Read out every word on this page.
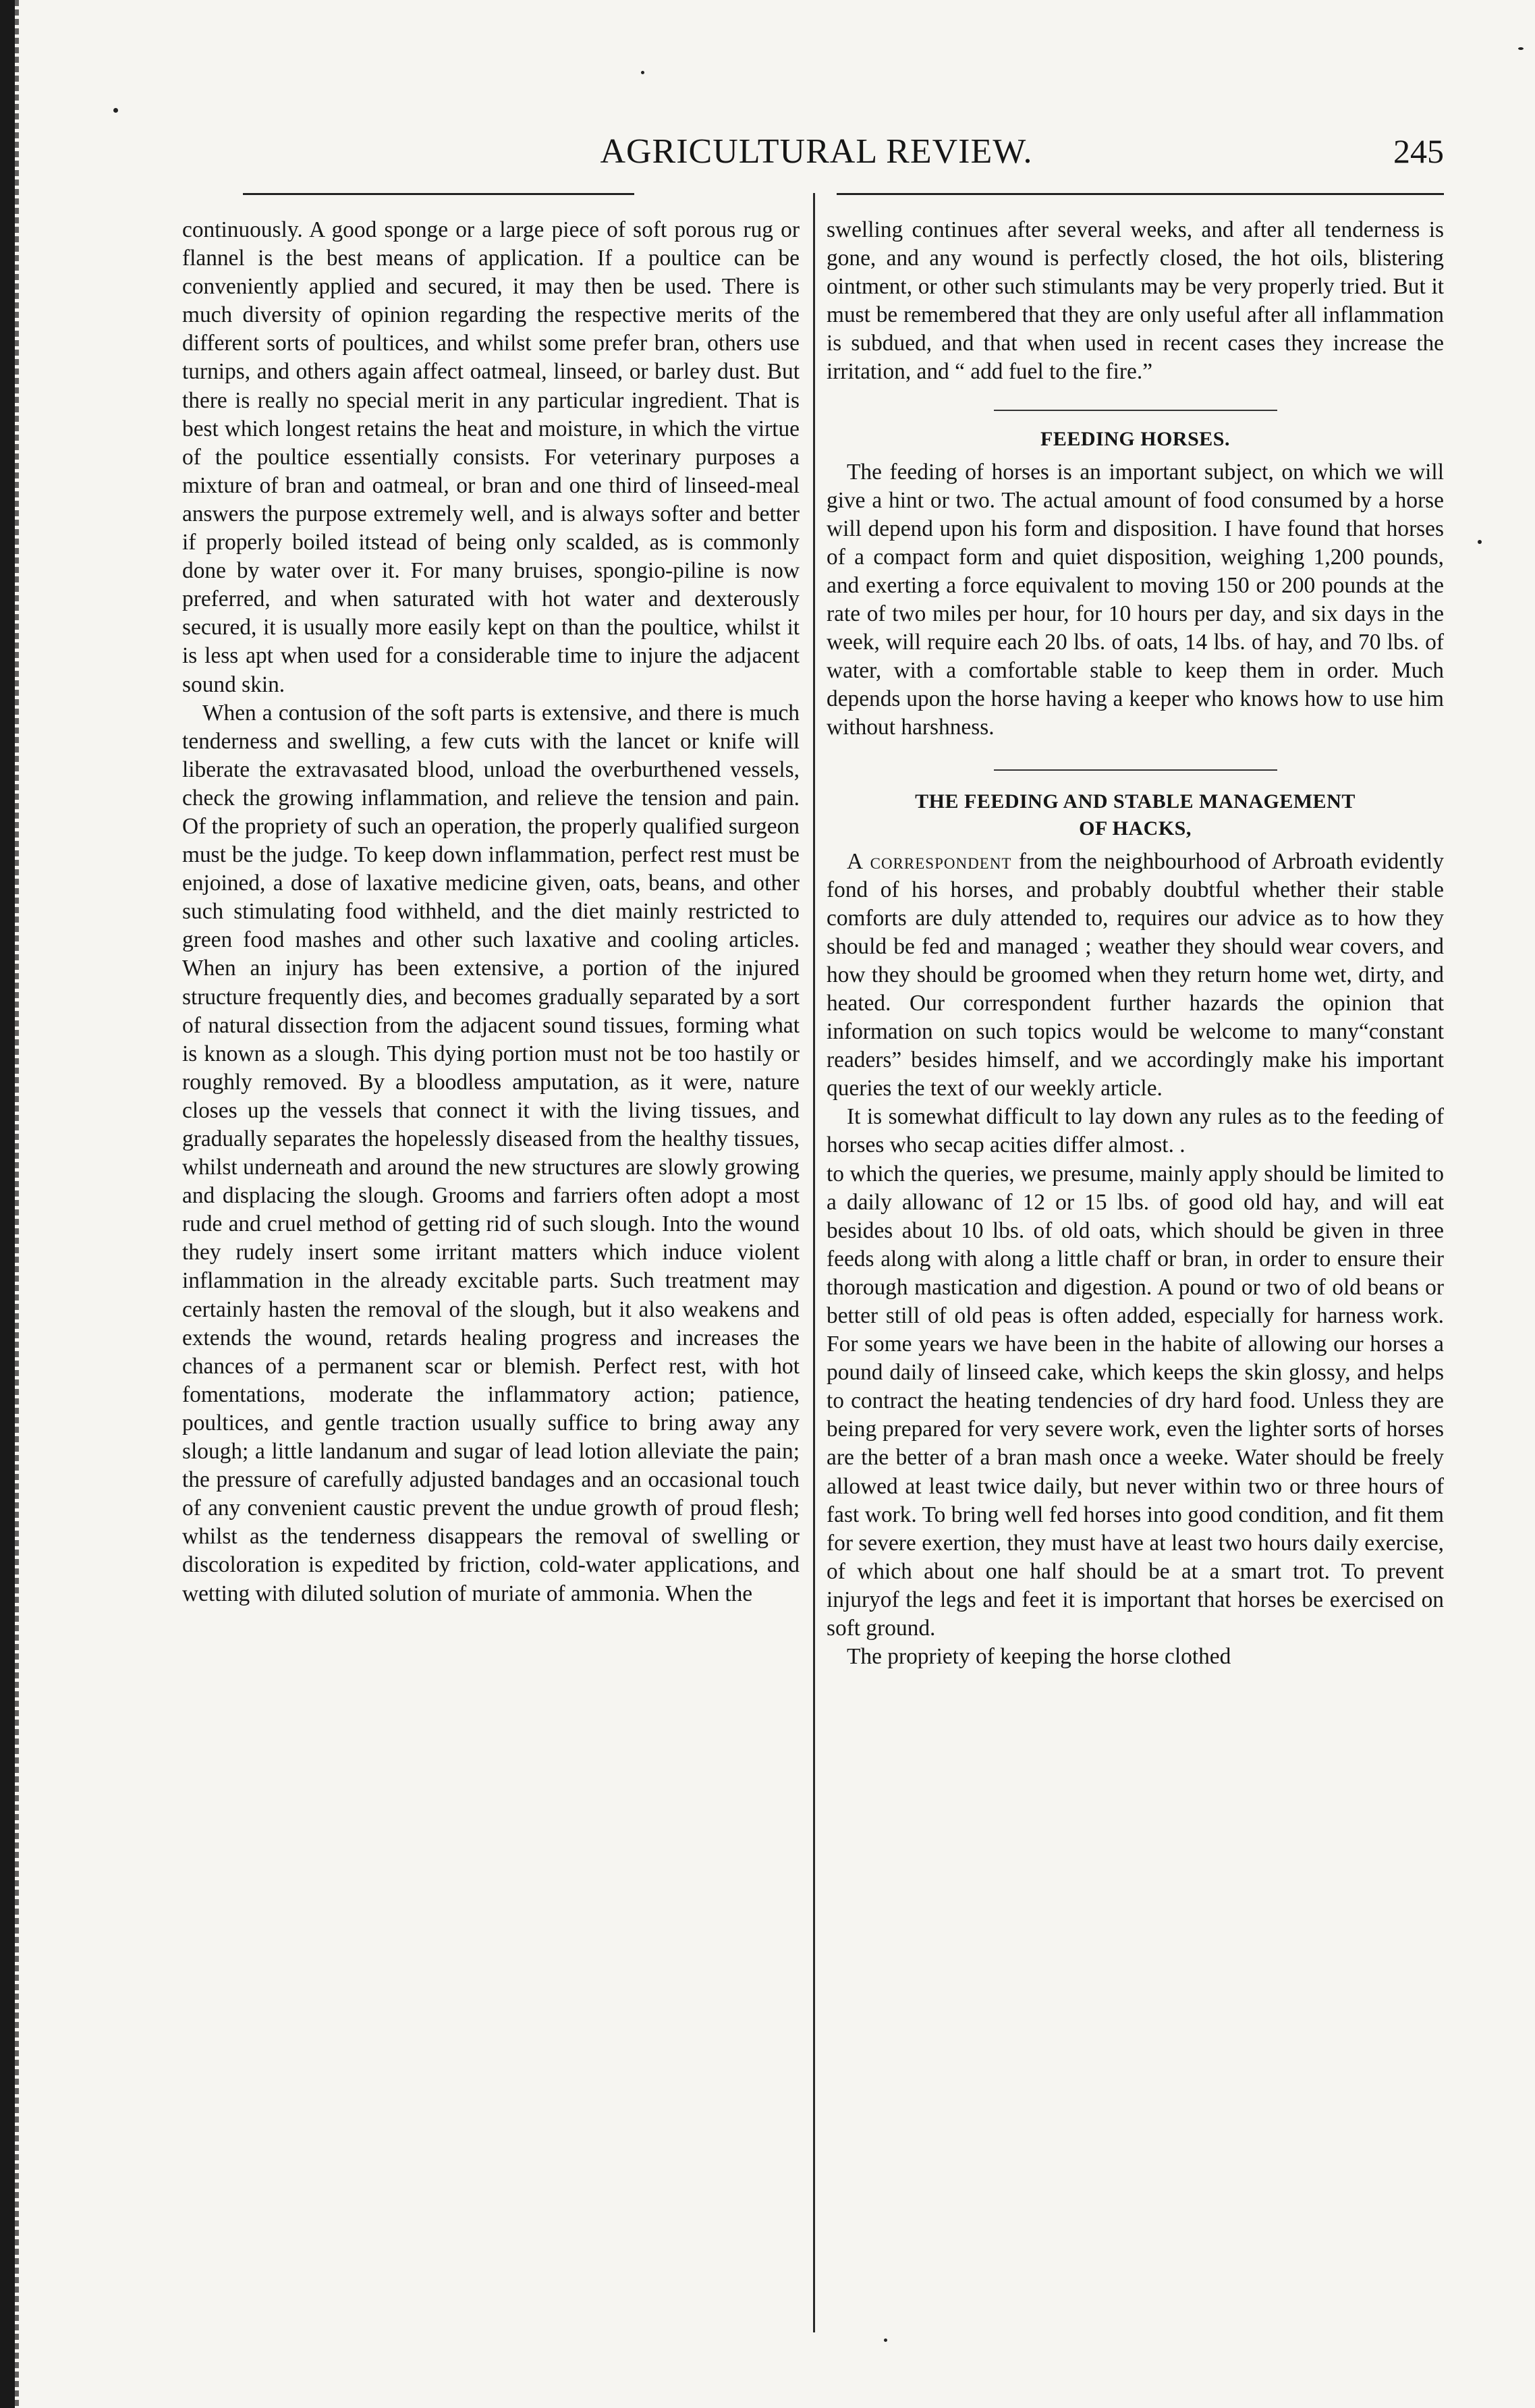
AGRICULTURAL REVIEW.	245

continuously. A good sponge or a large piece of soft porous rug or flannel is the best means of application. If a poultice can be conveniently applied and secured, it may then be used. There is much diversity of opinion regarding the respective merits of the different sorts of poultices, and whilst some prefer bran, others use turnips, and others again affect oatmeal, linseed, or barley dust. But there is really no special merit in any particular ingredient. That is best which longest retains the heat and moisture, in which the virtue of the poultice essentially consists. For veterinary purposes a mixture of bran and oatmeal, or bran and one third of linseed-meal answers the purpose extremely well, and is always softer and better if properly boiled itstead of being only scalded, as is commonly done by water over it. For many bruises, spongio-piline is now preferred, and when saturated with hot water and dexterously secured, it is usually more easily kept on than the poultice, whilst it is less apt when used for a considerable time to injure the adjacent sound skin.

When a contusion of the soft parts is extensive, and there is much tenderness and swelling, a few cuts with the lancet or knife will liberate the extravasated blood, unload the overburthened vessels, check the growing inflammation, and relieve the tension and pain. Of the propriety of such an operation, the properly qualified surgeon must be the judge. To keep down inflammation, perfect rest must be enjoined, a dose of laxative medicine given, oats, beans, and other such stimulating food withheld, and the diet mainly restricted to green food mashes and other such laxative and cooling articles. When an injury has been extensive, a portion of the injured structure frequently dies, and becomes gradually separated by a sort of natural dissection from the adjacent sound tissues, forming what is known as a slough. This dying portion must not be too hastily or roughly removed. By a bloodless amputation, as it were, nature closes up the vessels that connect it with the living tissues, and gradually separates the hopelessly diseased from the healthy tissues, whilst underneath and around the new structures are slowly growing and displacing the slough. Grooms and farriers often adopt a most rude and cruel method of getting rid of such slough. Into the wound they rudely insert some irritant matters which induce violent inflammation in the already excitable parts. Such treatment may certainly hasten the removal of the slough, but it also weakens and extends the wound, retards healing progress and increases the chances of a permanent scar or blemish. Perfect rest, with hot fomentations, moderate the inflammatory action; patience, poultices, and gentle traction usually suffice to bring away any slough; a little landanum and sugar of lead lotion alleviate the pain; the pressure of carefully adjusted bandages and an occasional touch of any convenient caustic prevent the undue growth of proud flesh; whilst as the tenderness disappears the removal of swelling or discoloration is expedited by friction, cold-water applications, and wetting with diluted solution of muriate of ammonia. When the

swelling continues after several weeks, and after all tenderness is gone, and any wound is perfectly closed, the hot oils, blistering ointment, or other such stimulants may be very properly tried. But it must be remembered that they are only useful after all inflammation is subdued, and that when used in recent cases they increase the irritation, and “ add fuel to the fire.”

FEEDING HORSES.

The feeding of horses is an important subject, on which we will give a hint or two. The actual amount of food consumed by a horse will depend upon his form and disposition. I have found that horses of a compact form and quiet disposition, weighing 1,200 pounds, and exerting a force equivalent to moving 150 or 200 pounds at the rate of two miles per hour, for 10 hours per day, and six days in the week, will require each 20 lbs. of oats, 14 lbs. of hay, and 70 lbs. of water, with a comfortable stable to keep them in order. Much depends upon the horse having a keeper who knows how to use him without harshness.

THE FEEDING AND STABLE MANAGEMENT
OF HACKS,

A correspondent from the neighbourhood of Arbroath evidently fond of his horses, and probably doubtful whether their stable comforts are duly attended to, requires our advice as to how they should be fed and managed ; weather they should wear covers, and how they should be groomed when they return home wet, dirty, and heated. Our correspondent further hazards the opinion that information on such topics would be welcome to many“constant readers” besides himself, and we accordingly make his important queries the text of our weekly article.

It is somewhat difficult to lay down any rules as to the feeding of horses who secap acities differ almost. .

to which the queries, we presume, mainly apply should be limited to a daily allowanc of 12 or 15 lbs. of good old hay, and will eat besides about 10 lbs. of old oats, which should be given in three feeds along with along a little chaff or bran, in order to ensure their thorough mastication and digestion. A pound or two of old beans or better still of old peas is often added, especially for harness work. For some years we have been in the habite of allowing our horses a pound daily of linseed cake, which keeps the skin glossy, and helps to contract the heating tendencies of dry hard food. Unless they are being prepared for very severe work, even the lighter sorts of horses are the better of a bran mash once a weeke. Water should be freely allowed at least twice daily, but never within two or three hours of fast work. To bring well fed horses into good condition, and fit them for severe exertion, they must have at least two hours daily exercise, of which about one half should be at a smart trot. To prevent injuryof the legs and feet it is important that horses be exercised on soft ground.

The propriety of keeping the horse clothed
